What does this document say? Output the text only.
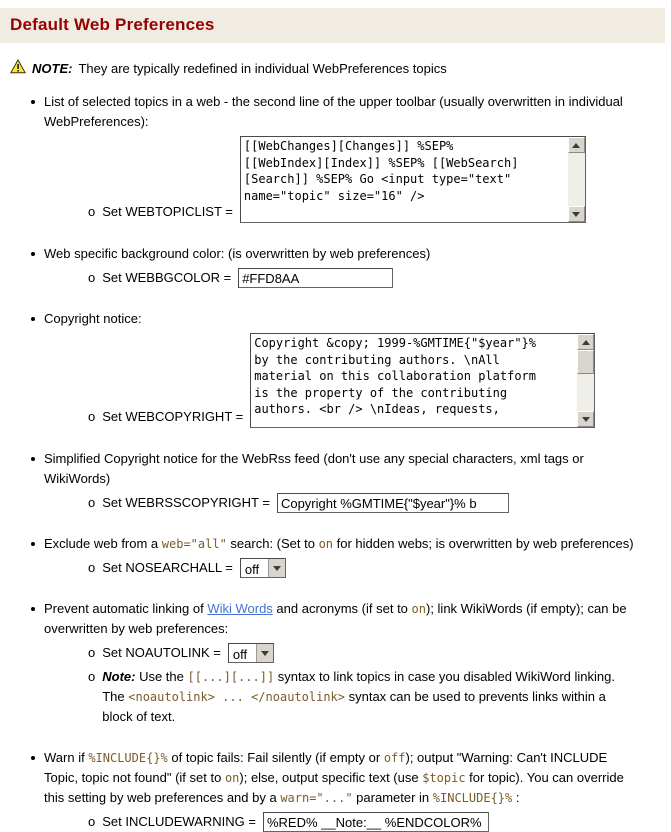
Default Web Preferences
NOTE: They are typically redefined in individual WebPreferences topics
List of selected topics in a web - the second line of the upper toolbar (usually overwritten in individual WebPreferences):
o Set WEBTOPICLIST =
[[WebChanges][Changes]] %SEP% [[WebIndex][Index]] %SEP% [[WebSearch] [Search]] %SEP% Go <input type="text" name="topic" size="16" />
Web specific background color: (is overwritten by web preferences)
o Set WEBBGCOLOR =
#FFD8AA
Copyright notice:
o Set WEBCOPYRIGHT =
Copyright &copy; 1999-%GMTIME{"$year"}% by the contributing authors. \nAll material on this collaboration platform is the property of the contributing authors. <br /> \nIdeas, requests,
Simplified Copyright notice for the WebRss feed (don't use any special characters, xml tags or WikiWords)
o Set WEBRSSCOPYRIGHT =
Copyright %GMTIME{"$year"}% b
Exclude web from a web="all" search: (Set to on for hidden webs; is overwritten by web preferences)
o Set NOSEARCHALL = off
Prevent automatic linking of Wiki Words and acronyms (if set to on); link WikiWords (if empty); can be overwritten by web preferences:
o Set NOAUTOLINK = off
o Note: Use the [[...][...]] syntax to link topics in case you disabled WikiWord linking. The <noautolink> ... </noautolink> syntax can be used to prevents links within a block of text.
Warn if %INCLUDE{}% of topic fails: Fail silently (if empty or off); output "Warning: Can't INCLUDE Topic, topic not found" (if set to on); else, output specific text (use $topic for topic). You can override this setting by web preferences and by a warn="..." parameter in %INCLUDE{}% :
o Set INCLUDEWARNING =
%RED% __Note:__ %ENDCOLOR%
